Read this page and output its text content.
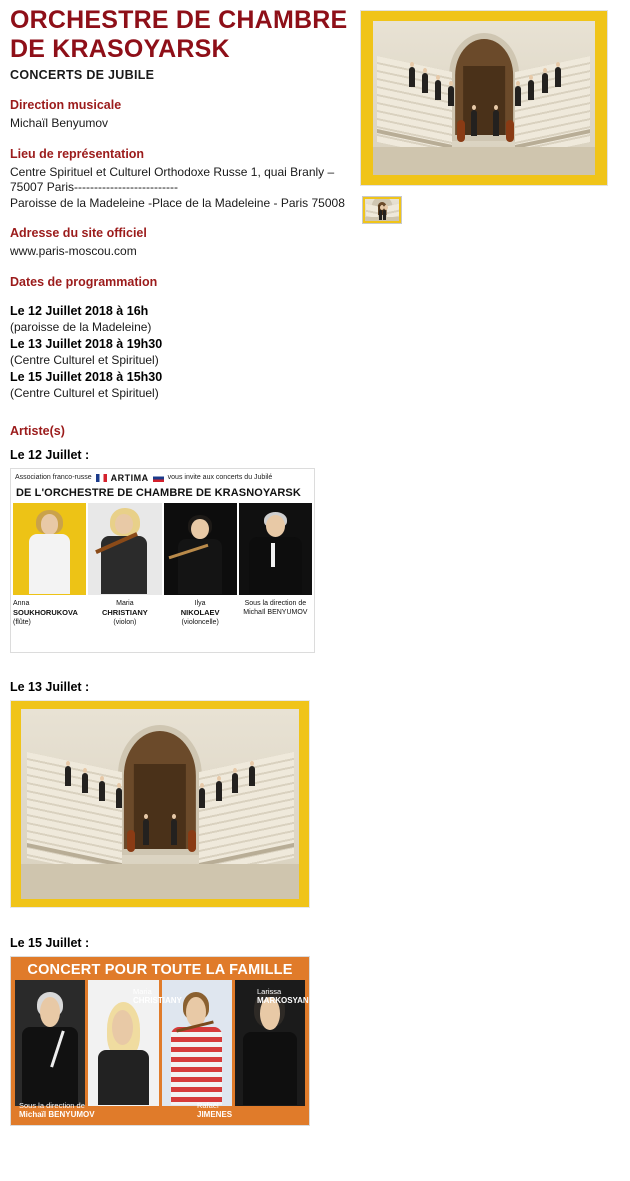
ORCHESTRE DE CHAMBRE DE KRASOYARSK
CONCERTS DE JUBILE
Direction musicale

Michaïl Benyumov

Lieu de représentation

Centre Spirituel et Culturel Orthodoxe Russe 1, quai Branly – 75007 Paris--------------------------

Paroisse de la Madeleine -Place de la Madeleine - Paris 75008

Adresse du site officiel

www.paris-moscou.com

Dates de programmation
Le 12 Juillet 2018 à 16h
(paroisse de la Madeleine)
Le 13 Juillet 2018 à 19h30
(Centre Culturel et Spirituel)
Le 15 Juillet 2018 à 15h30
(Centre Culturel et Spirituel)
Artiste(s)
Le 12 Juillet :
Association franco-russe ARTIMA	vous invite aux concerts du Jubilé
DE L'ORCHESTRE DE CHAMBRE DE KRASNOYARSK
Anna
SOUKHORUKOVA
(flûte)
Maria
CHRISTIANY
(violon)
Ilya
NIKOLAEV
(violoncelle)
Sous la direction de
Michaïl BENYUMOV
Le 13 Juillet :
Le 15 Juillet :
CONCERT POUR TOUTE LA FAMILLE
Maria
CHRISTIANY
Larissa
MARKOSYAN
Sous la direction de
Michaïl BENYUMOV
Rafaël
JIMENES
